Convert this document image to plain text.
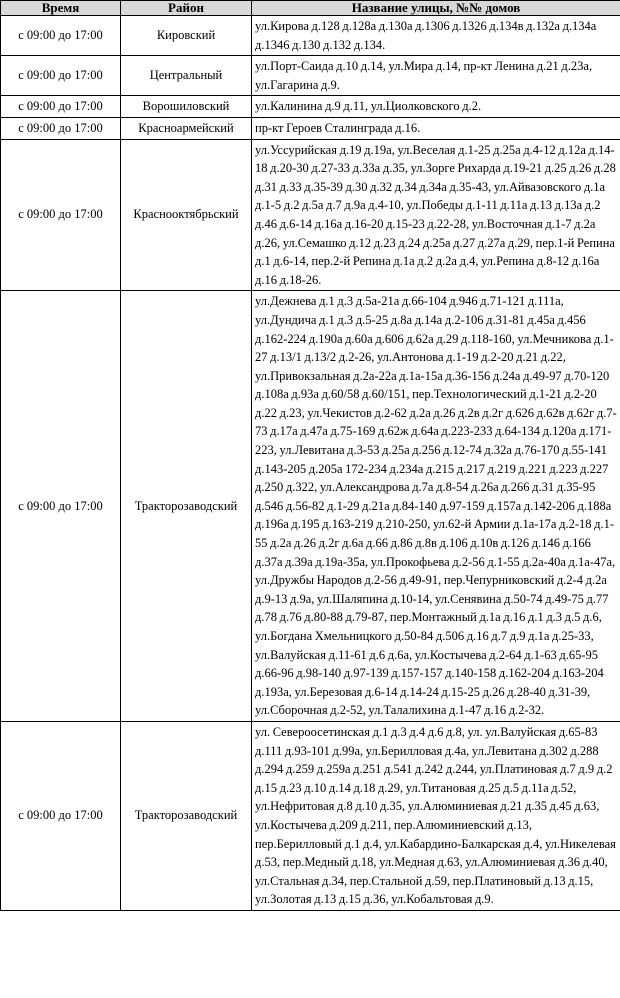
Время	Район	Название улицы, №№ домов
с 09:00 до 17:00	Кировский	ул.Кирова д.128 д.128а д.130а д.1306 д.1326 д.134в д.132а д.134а д.1346 д.130 д.132 д.134.
с 09:00 до 17:00	Центральный	ул.Порт-Саида д.10 д.14, ул.Мира д.14, пр-кт Ленина д.21 д.23а, ул.Гагарина д.9.
с 09:00 до 17:00	Ворошиловский	ул.Калинина д.9 д.11, ул.Циолковского д.2.
с 09:00 до 17:00	Красноармейский	пр-кт Героев Сталинграда д.16.
с 09:00 до 17:00	Краснооктябрьский	ул.Уссурийская д.19 д.19а, ул.Веселая д.1-25 д.25а д.4-12 д.12а д.14-18 д.20-30 д.27-33 д.33а д.35, ул.Зорге Рихарда д.19-21 д.25 д.26 д.28 д.31 д.33 д.35-39 д.30 д.32 д.34 д.34а д.35-43, ул.Айвазовского д.1а д.1-5 д.2 д.5а д.7 д.9а д.4-10, ул.Победы д.1-11 д.11а д.13 д.13а д.2 д.46 д.6-14 д.16а д.16-20 д.15-23 д.22-28, ул.Восточная д.1-7 д.2а д.26, ул.Семашко д.12 д.23 д.24 д.25а д.27 д.27а д.29, пер.1-й Репина д.1 д.6-14, пер.2-й Репина д.1а д.2 д.2а д.4, ул.Репина д.8-12 д.16а д.16 д.18-26.
с 09:00 до 17:00	Тракторозаводский	ул.Дежнева д.1 д.3 д.5а-21а д.66-104 д.946 д.71-121 д.111а, ул.Дундича д.1 д.3 д.5-25 д.8а д.14а д.2-106 д.31-81 д.45а д.456 д.162-224 д.190а д.60а д.606 д.62а д.29 д.118-160, ул.Мечникова д.1-27 д.13/1 д.13/2 д.2-26, ул.Антонова д.1-19 д.2-20 д.21 д.22, ул.Привокзальная д.2а-22а д.1а-15а д.36-156 д.24а д.49-97 д.70-120 д.108а д.93а д.60/58 д.60/151, пер.Технологический д.1-21 д.2-20 д.22 д.23, ул.Чекистов д.2-62 д.2а д.26 д.2в д.2г д.626 д.62в д.62г д.7-73 д.17а д.47а д.75-169 д.62ж д.64а д.223-233 д.64-134 д.120а д.171-223, ул.Левитана д.3-53 д.25а д.256 д.12-74 д.32а д.76-170 д.55-141 д.143-205 д.205а 172-234 д.234а д.215 д.217 д.219 д.221 д.223 д.227 д.250 д.322, ул.Александрова д.7а д.8-54 д.26а д.266 д.31 д.35-95 д.546 д.56-82 д.1-29 д.21а д.84-140 д.97-159 д.157а д.142-206 д.188а д.196а д.195 д.163-219 д.210-250, ул.62-й Армии д.1а-17а д.2-18 д.1-55 д.2а д.26 д.2г д.6а д.66 д.86 д.8в д.106 д.10в д.126 д.146 д.166 д.37а д.39а д.19а-35а, ул.Прокофьева д.2-56 д.1-55 д.2а-40а д.1а-47а, ул.Дружбы Народов д.2-56 д.49-91, пер.Чепурниковский д.2-4 д.2а д.9-13 д.9а, ул.Шаляпина д.10-14, ул.Сенявина д.50-74 д.49-75 д.77 д.78 д.76 д.80-88 д.79-87, пер.Монтажный д.1а д.16 д.1 д.3 д.5 д.6, ул.Богдана Хмельницкого д.50-84 д.506 д.16 д.7 д.9 д.1а д.25-33, ул.Валуйская д.11-61 д.6 д.6а, ул.Костычева д.2-64 д.1-63 д.65-95 д.66-96 д.98-140 д.97-139 д.157-157 д.140-158 д.162-204 д.163-204 д.193а, ул.Березовая д.6-14 д.14-24 д.15-25 д.26 д.28-40 д.31-39, ул.Сборочная д.2-52, ул.Талалихина д.1-47 д.16 д.2-32.
с 09:00 до 17:00	Тракторозаводский	ул. Североосетинская д.1 д.3 д.4 д.6 д.8, ул. ул.Валуйская д.65-83 д.111 д.93-101 д.99а, ул.Берилловая д.4а, ул.Левитана д.302 д.288 д.294 д.259 д.259а д.251 д.541 д.242 д.244, ул.Платиновая д.7 д.9 д.2 д.15 д.23 д.10 д.14 д.18 д.29, ул.Титановая д.25 д.5 д.11а д.52, ул.Нефритовая д.8 д.10 д.35, ул.Алюминиевая д.21 д.35 д.45 д.63, ул.Костычева д.209 д.211, пер.Алюминиевский д.13, пер.Берилловый д.1 д.4, ул.Кабардино-Балкарская д.4, ул.Никелевая д.53, пер.Медный д.18, ул.Медная д.63, ул.Алюминиевая д.36 д.40, ул.Стальная д.34, пер.Стальной д.59, пер.Платиновый д.13 д.15, ул.Золотая д.13 д.15 д.36, ул.Кобальтовая д.9.
